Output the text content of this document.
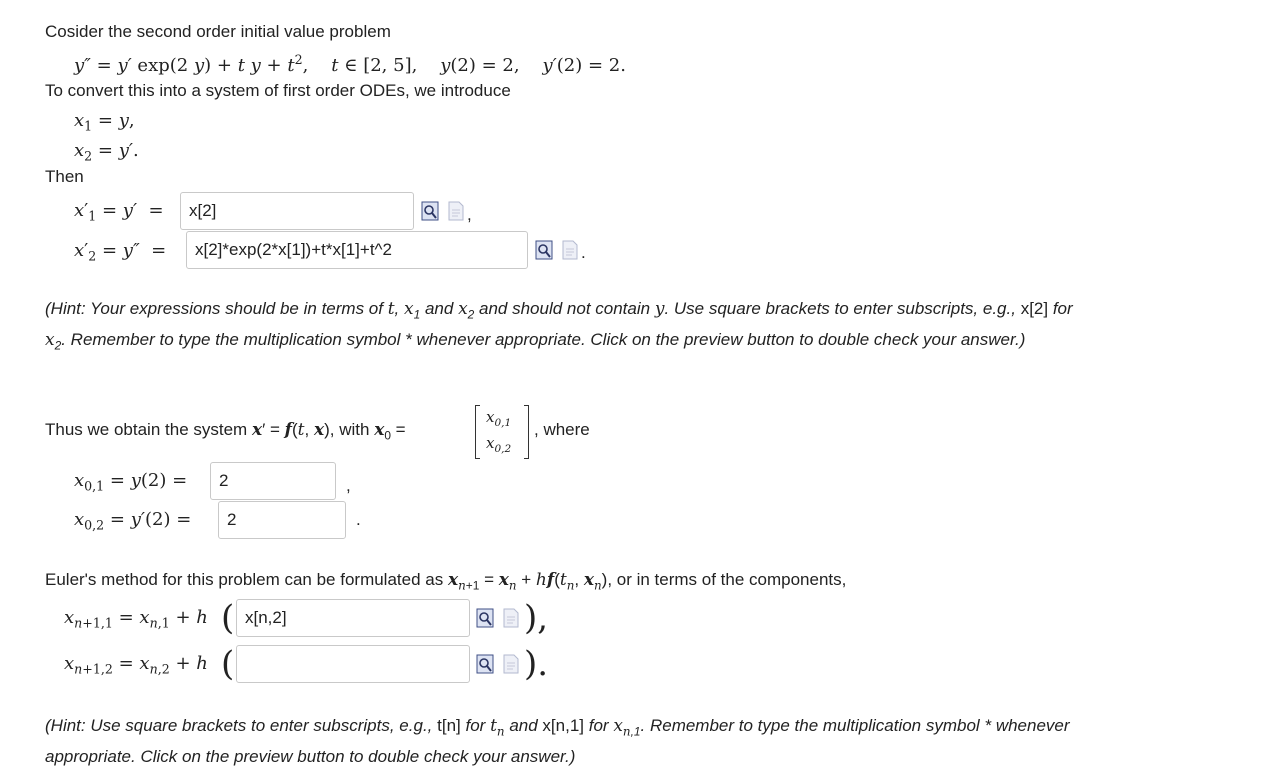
Cosider the second order initial value problem
y″ = y′ exp(2 y) + t $y + t^2$,    t ∈ [2, 5],    y(2) = 2,    y′(2) = 2.
To convert this into a system of first order ODEs, we introduce
$x_1 = y$,
$x_2 = y'$.
Then
$x'_1 = y'$  =
x[2]	,
$x'_2 = y''$  =
x[2]*exp(2*x[1])+t*x[1]+t^2	.
(Hint: Your expressions should be in terms of t, $x_1$ and $x_2$ and should not contain y. Use square brackets to enter subscripts, e.g., x[2] for $x_2$. Remember to type the multiplication symbol * whenever appropriate. Click on the preview button to double check your answer.)
Thus we obtain the system x′ = f(t, x), with $x_0$ =
$x_{0,1}$
$x_{0,2}$
, where
$x_{0,1} = y(2)$ =
2	,
$x_{0,2} = y'(2)$ =
2	.
Euler's method for this problem can be formulated as $x_{n+1} = x_n + hf(t_n$, $x_n$), or in terms of the components,
$x_{n+1,1} = x_{n,1} + h$ (
x[n,2]	),
$x_{n+1,2} = x_{n,2} + h$ (	).
(Hint: Use square brackets to enter subscripts, e.g., t[n] for $t_n$ and x[n,1] for $x_{n,1}$. Remember to type the multiplication symbol * whenever appropriate. Click on the preview button to double check your answer.)
